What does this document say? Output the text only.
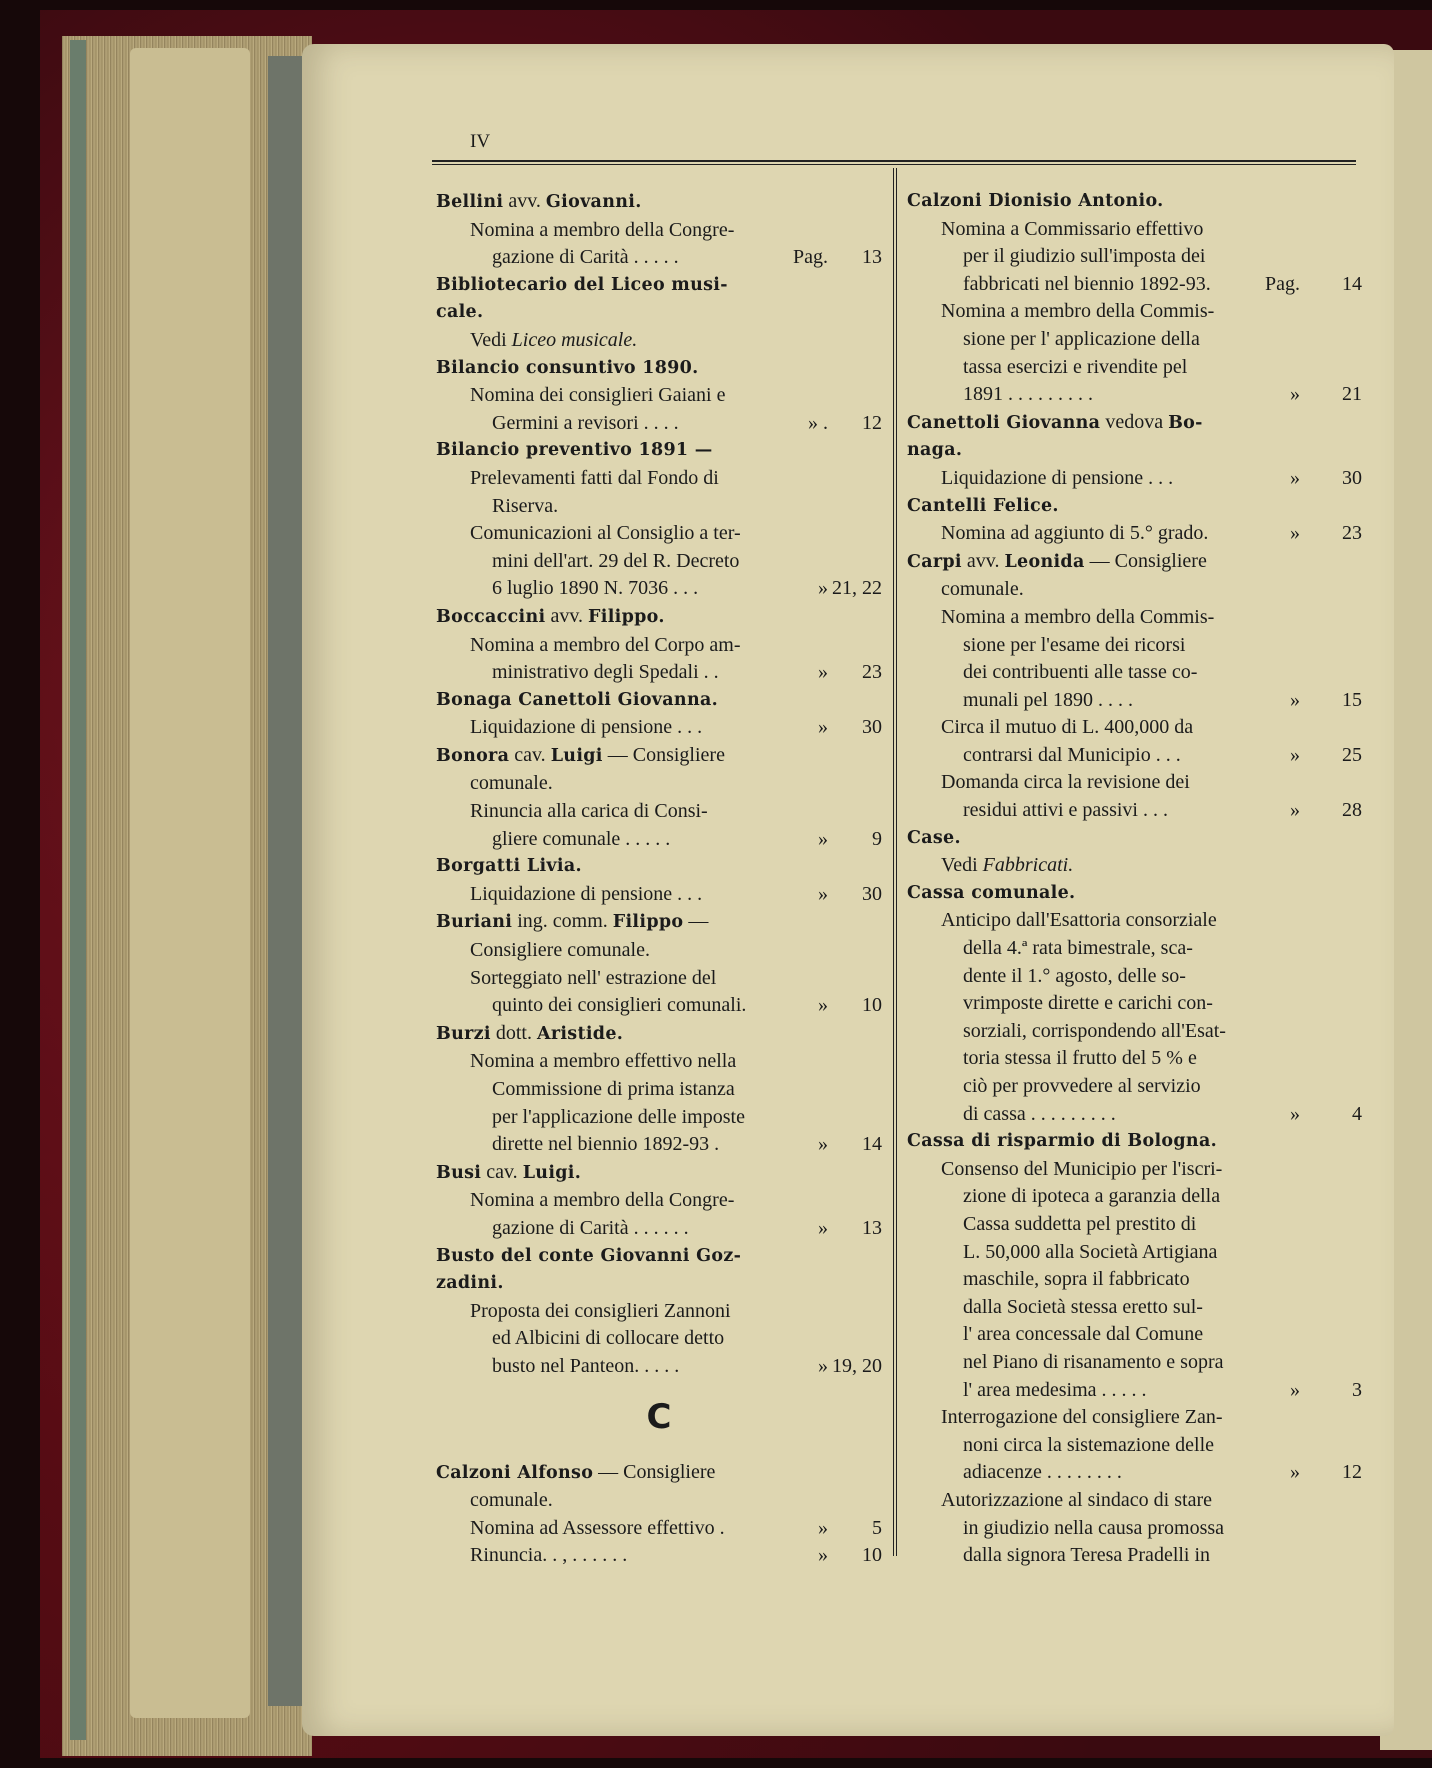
IV
Bellini avv. Giovanni.
Nomina a membro della Congre-
gazione di Carità . . . . .	Pag.	13
Bibliotecario del Liceo musi-
cale.
Vedi Liceo musicale.
Bilancio consuntivo 1890.
Nomina dei consiglieri Gaiani e
Germini a revisori . . . .	» .	12
Bilancio preventivo 1891 —
Prelevamenti fatti dal Fondo di
Riserva.
Comunicazioni al Consiglio a ter-
mini dell'art. 29 del R. Decreto
6 luglio 1890 N. 7036 . . .	» 21, 22
Boccaccini avv. Filippo.
Nomina a membro del Corpo am-
ministrativo degli Spedali . .	»	23
Bonaga Canettoli Giovanna.
Liquidazione di pensione . . .	»	30
Bonora cav. Luigi — Consigliere
comunale.
Rinuncia alla carica di Consi-
gliere comunale . . . . .	»	9
Borgatti Livia.
Liquidazione di pensione . . .	»	30
Buriani ing. comm. Filippo —
Consigliere comunale.
Sorteggiato nell' estrazione del
quinto dei consiglieri comunali.	»	10
Burzi dott. Aristide.
Nomina a membro effettivo nella
Commissione di prima istanza
per l'applicazione delle imposte
dirette nel biennio 1892-93 .	»	14
Busi cav. Luigi.
Nomina a membro della Congre-
gazione di Carità . . . . . .	»	13
Busto del conte Giovanni Goz-
zadini.
Proposta dei consiglieri Zannoni
ed Albicini di collocare detto
busto nel Panteon. . . . .	» 19, 20
C
Calzoni Alfonso — Consigliere
comunale.
Nomina ad Assessore effettivo .	»	5
Rinuncia. . , . . . . . .	»	10
Calzoni Dionisio Antonio.
Nomina a Commissario effettivo
per il giudizio sull'imposta dei
fabbricati nel biennio 1892-93.	Pag.	14
Nomina a membro della Commis-
sione per l' applicazione della
tassa esercizi e rivendite pel
1891 . . . . . . . . .	»	21
Canettoli Giovanna vedova Bo-
naga.
Liquidazione di pensione . . .	»	30
Cantelli Felice.
Nomina ad aggiunto di 5.° grado.	»	23
Carpi avv. Leonida — Consigliere
comunale.
Nomina a membro della Commis-
sione per l'esame dei ricorsi
dei contribuenti alle tasse co-
munali pel 1890 . . . .	»	15
Circa il mutuo di L. 400,000 da
contrarsi dal Municipio . . .	»	25
Domanda circa la revisione dei
residui attivi e passivi . . .	»	28
Case.
Vedi Fabbricati.
Cassa comunale.
Anticipo dall'Esattoria consorziale
della 4.ª rata bimestrale, sca-
dente il 1.° agosto, delle so-
vrimposte dirette e carichi con-
sorziali, corrispondendo all'Esat-
toria stessa il frutto del 5 % e
ciò per provvedere al servizio
di cassa . . . . . . . . .	»	4
Cassa di risparmio di Bologna.
Consenso del Municipio per l'iscri-
zione di ipoteca a garanzia della
Cassa suddetta pel prestito di
L. 50,000 alla Società Artigiana
maschile, sopra il fabbricato
dalla Società stessa eretto sul-
l' area concessale dal Comune
nel Piano di risanamento e sopra
l' area medesima . . . . .	»	3
Interrogazione del consigliere Zan-
noni circa la sistemazione delle
adiacenze . . . . . . . .	»	12
Autorizzazione al sindaco di stare
in giudizio nella causa promossa
dalla signora Teresa Pradelli in
